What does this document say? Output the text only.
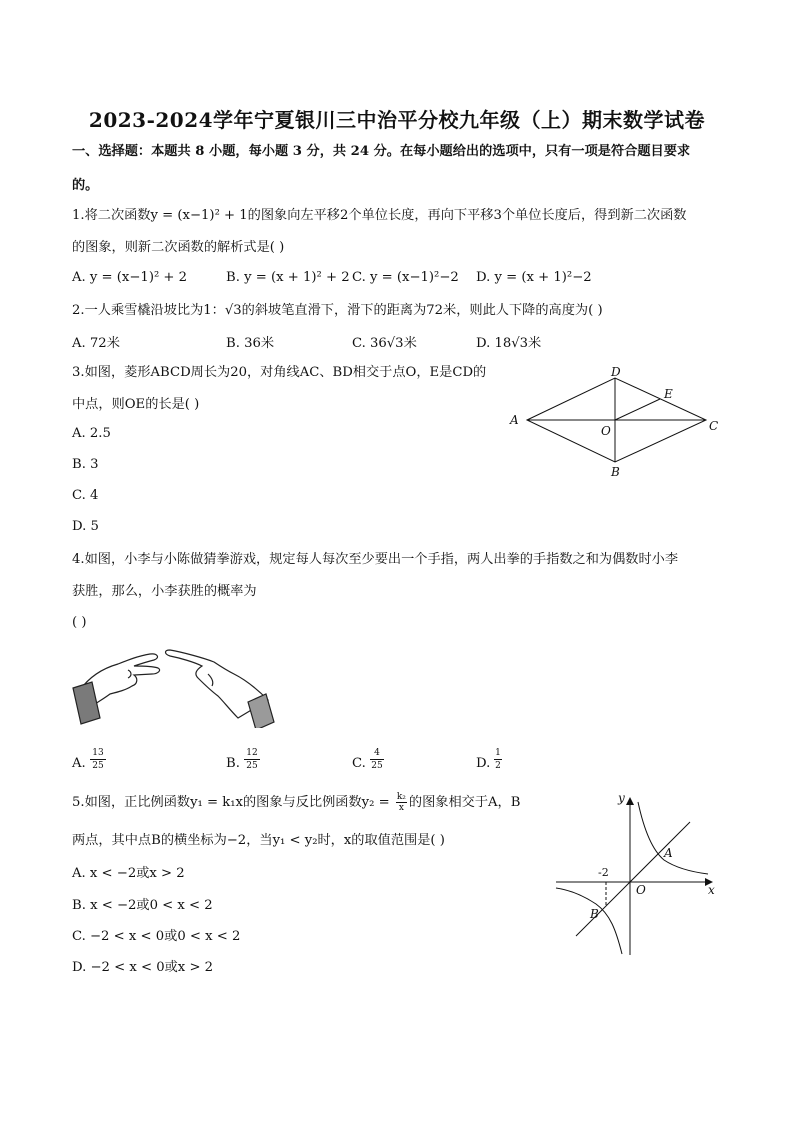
2023-2024学年宁夏银川三中治平分校九年级（上）期末数学试卷
一、选择题：本题共 8 小题，每小题 3 分，共 24 分。在每小题给出的选项中，只有一项是符合题目要求
的。
1.将二次函数y = (x−1)² + 1的图象向左平移2个单位长度，再向下平移3个单位长度后，得到新二次函数
的图象，则新二次函数的解析式是( )
A. y = (x−1)² + 2	B. y = (x + 1)² + 2 C. y = (x−1)²−2 D. y = (x + 1)²−2
2.一人乘雪橇沿坡比为1：√3的斜坡笔直滑下，滑下的距离为72米，则此人下降的高度为( )
A. 72米	B. 36米	C. 36√3米	D. 18√3米
3.如图，菱形ABCD周长为20，对角线AC、BD相交于点O，E是CD的
中点，则OE的长是( )
A. 2.5
B. 3
C. 4
D. 5
A
B
C
D
E
O
4.如图，小李与小陈做猜拳游戏，规定每人每次至少要出一个手指，两人出拳的手指数之和为偶数时小李
获胜，那么，小李获胜的概率为
( )
A.
13
25	B.
12
25	C.
4
25	D.
1
2
5.如图，正比例函数y₁ = k₁x的图象与反比例函数$y_2 = \frac{\text{k₂}}{x}$ 的图象相交于A，B
两点，其中点B的横坐标为−2，当y₁ < y₂时，x的取值范围是( )
A. x < −2或x > 2
B. x < −2或0 < x < 2
C. −2 < x < 0或0 < x < 2
D. −2 < x < 0或x > 2
y
x
O
A
B
-2
